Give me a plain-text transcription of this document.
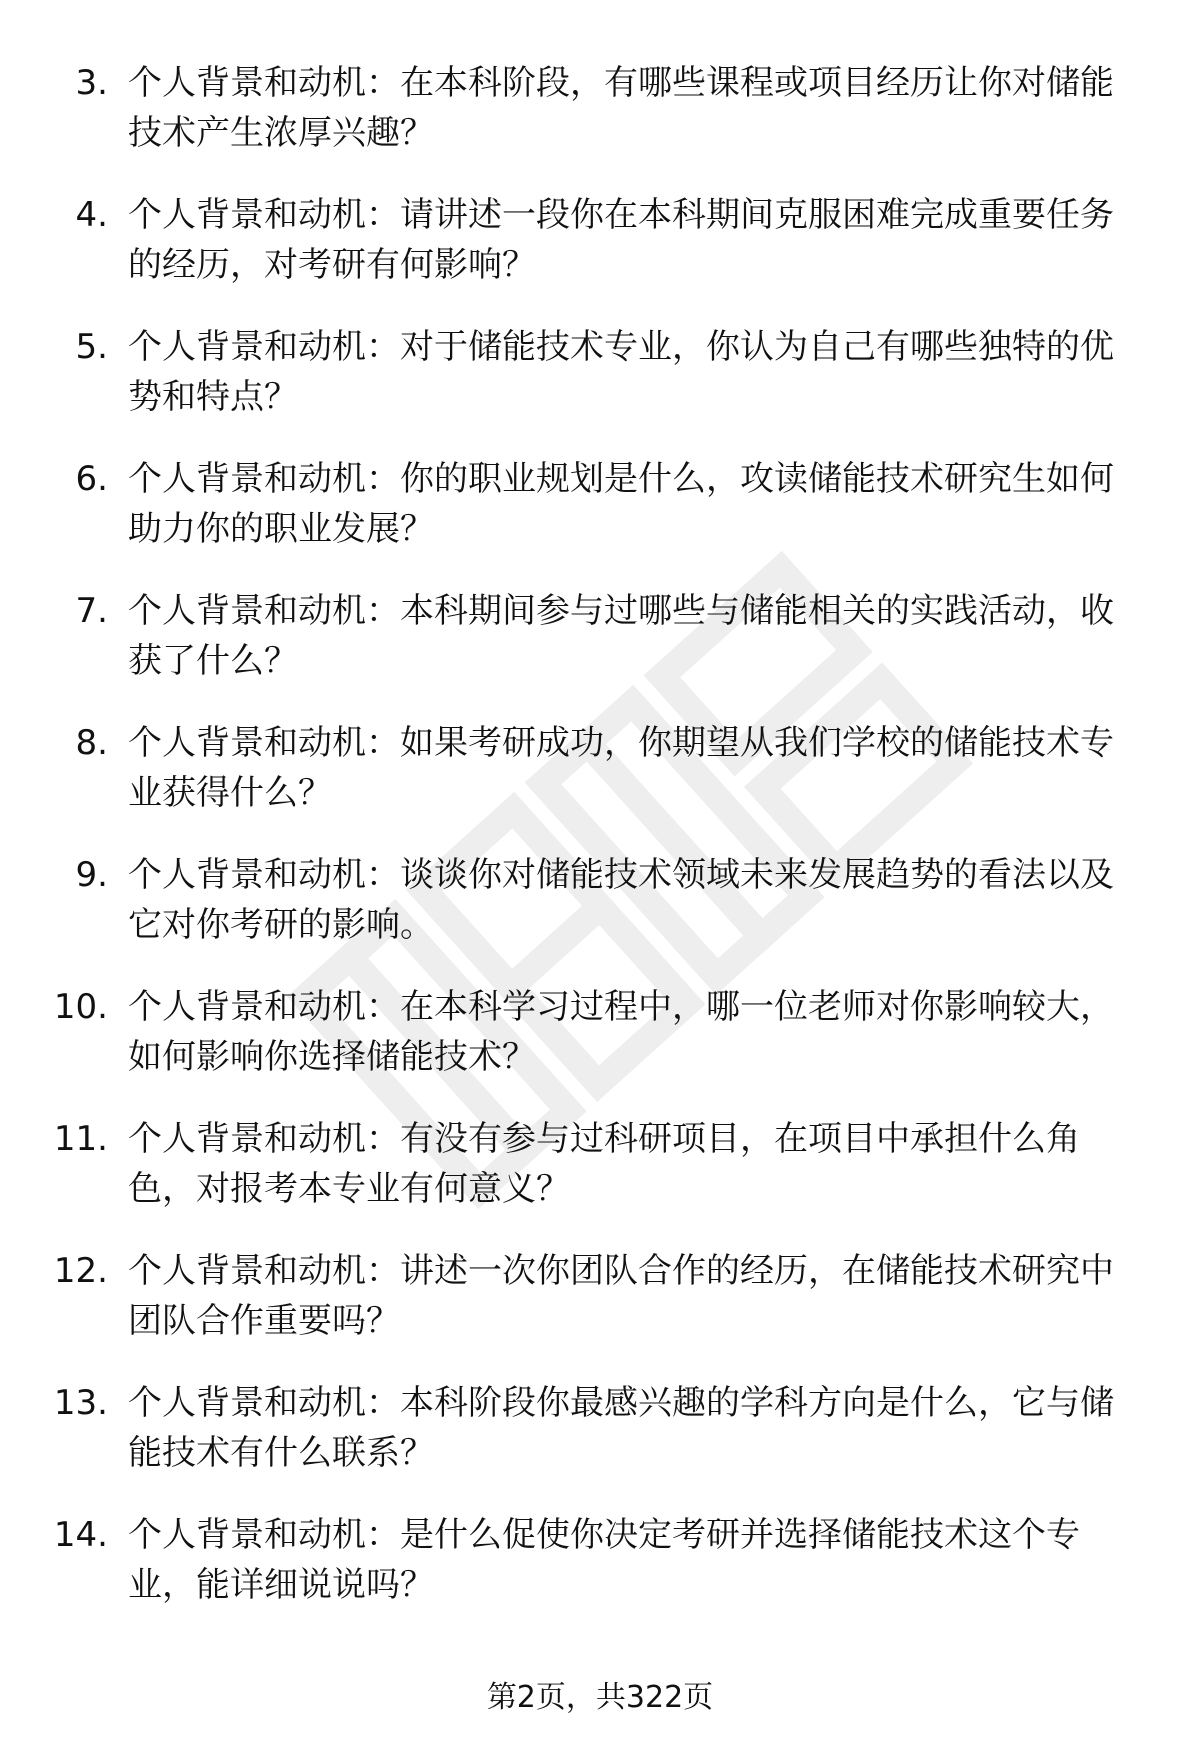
3. 个人背景和动机：在本科阶段，有哪些课程或项目经历让你对储能技术产生浓厚兴趣？
4. 个人背景和动机：请讲述一段你在本科期间克服困难完成重要任务的经历，对考研有何影响？
5. 个人背景和动机：对于储能技术专业，你认为自己有哪些独特的优势和特点？
6. 个人背景和动机：你的职业规划是什么，攻读储能技术研究生如何助力你的职业发展？
7. 个人背景和动机：本科期间参与过哪些与储能相关的实践活动，收获了什么？
8. 个人背景和动机：如果考研成功，你期望从我们学校的储能技术专业获得什么？
9. 个人背景和动机：谈谈你对储能技术领域未来发展趋势的看法以及它对你考研的影响。
10. 个人背景和动机：在本科学习过程中，哪一位老师对你影响较大，如何影响你选择储能技术？
11. 个人背景和动机：有没有参与过科研项目，在项目中承担什么角色，对报考本专业有何意义？
12. 个人背景和动机：讲述一次你团队合作的经历，在储能技术研究中团队合作重要吗？
13. 个人背景和动机：本科阶段你最感兴趣的学科方向是什么，它与储能技术有什么联系？
14. 个人背景和动机：是什么促使你决定考研并选择储能技术这个专业，能详细说说吗？
第2页，共322页
